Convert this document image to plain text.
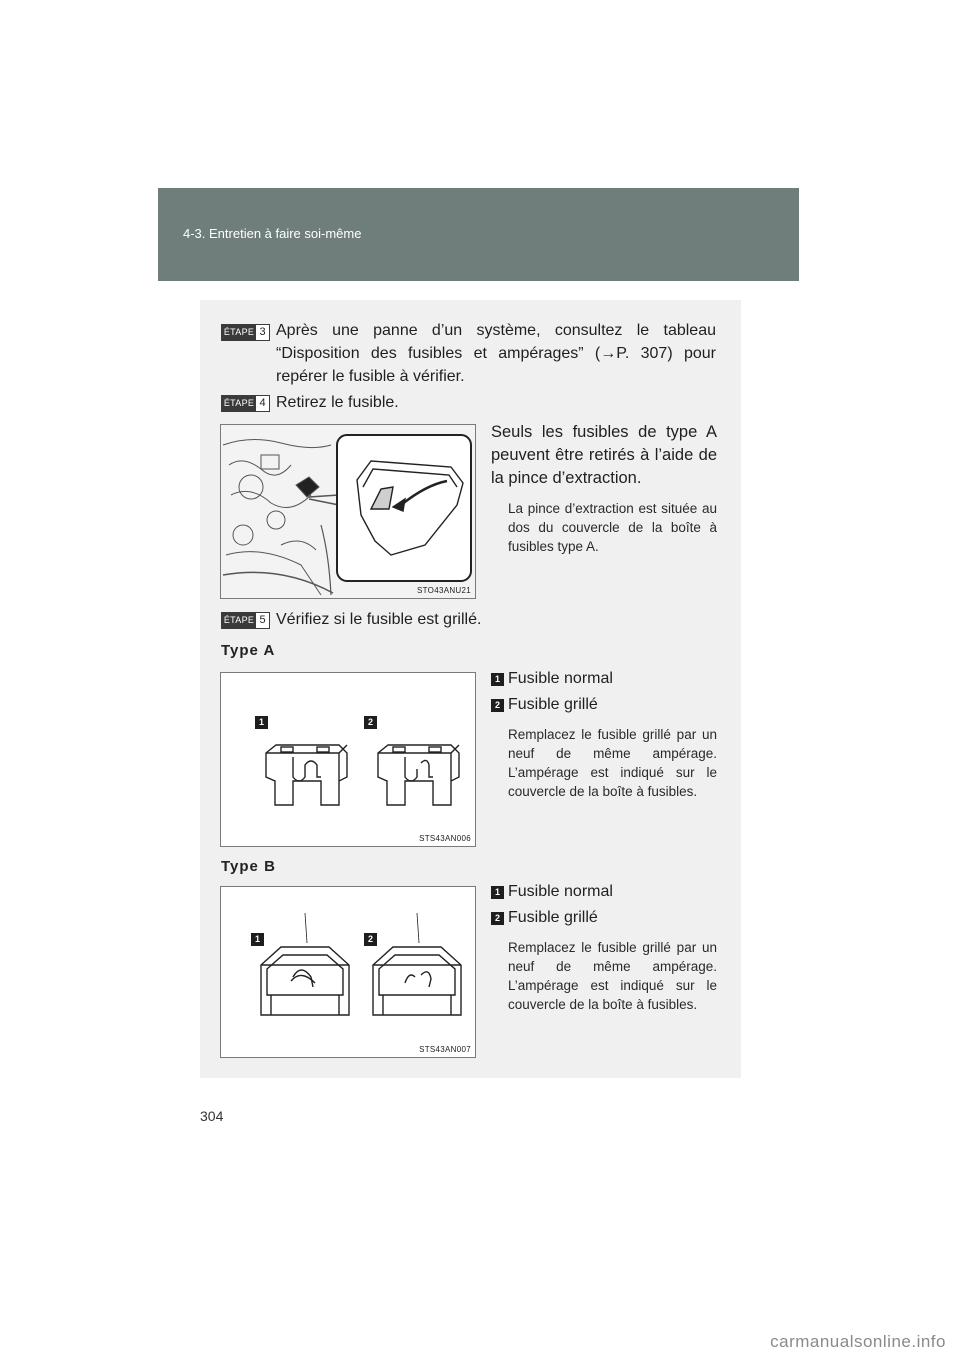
4-3. Entretien à faire soi-même
ÉTAPE 3 Après une panne d’un système, consultez le tableau “Disposition des fusibles et ampérages” (→P. 307) pour repérer le fusible à vérifier.
ÉTAPE 4 Retirez le fusible.
STO43ANU21
Seuls les fusibles de type A peuvent être retirés à l’aide de la pince d’extraction.
La pince d’extraction est située au dos du couvercle de la boîte à fusibles type A.
ÉTAPE 5 Vérifiez si le fusible est grillé.
Type A
1	2
STS43AN006
1 Fusible normal
2 Fusible grillé
Remplacez le fusible grillé par un neuf de même ampérage. L’ampérage est indiqué sur le couvercle de la boîte à fusibles.
Type B
1	2
STS43AN007
1 Fusible normal
2 Fusible grillé
Remplacez le fusible grillé par un neuf de même ampérage. L’ampérage est indiqué sur le couvercle de la boîte à fusibles.
304
carmanualsonline.info
